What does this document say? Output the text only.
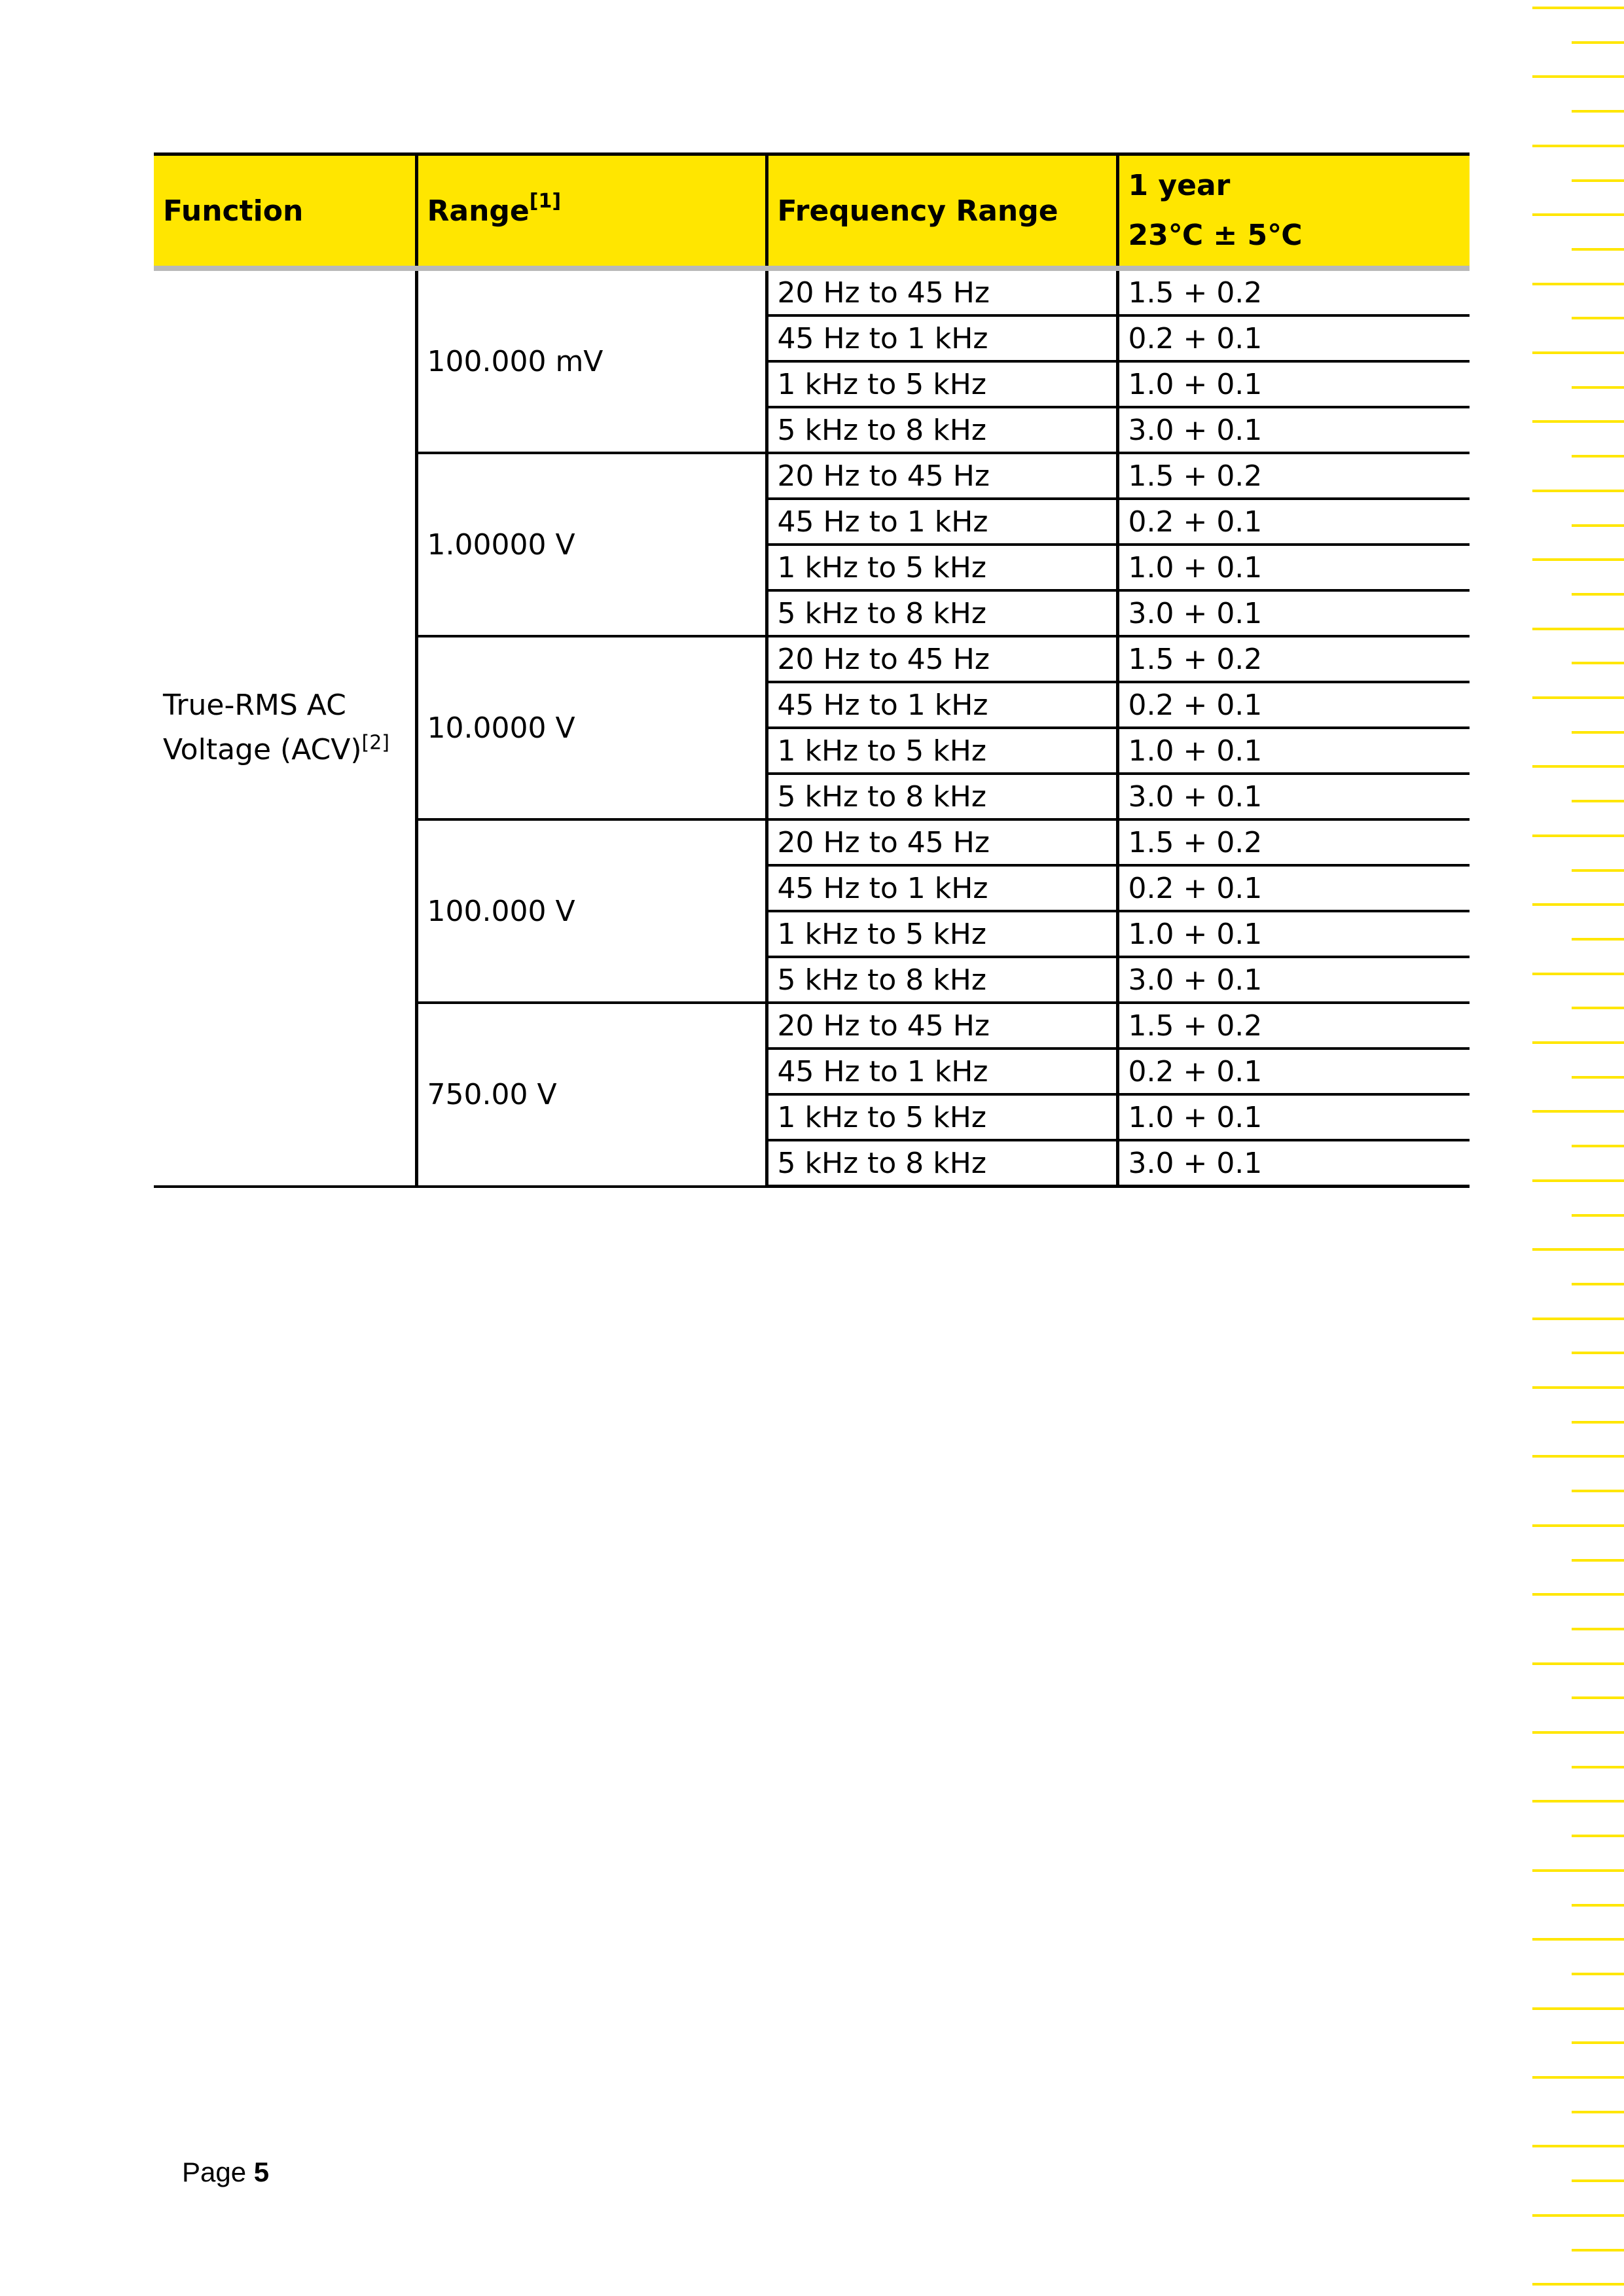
Function	Range[1]	Frequency Range	1 year
23℃ ± 5℃

True-RMS AC Voltage (ACV)[2]	100.000 mV	20 Hz to 45 Hz	1.5 + 0.2
		45 Hz to 1 kHz	0.2 + 0.1
		1 kHz to 5 kHz	1.0 + 0.1
		5 kHz to 8 kHz	3.0 + 0.1
	1.00000 V	20 Hz to 45 Hz	1.5 + 0.2
		45 Hz to 1 kHz	0.2 + 0.1
		1 kHz to 5 kHz	1.0 + 0.1
		5 kHz to 8 kHz	3.0 + 0.1
	10.0000 V	20 Hz to 45 Hz	1.5 + 0.2
		45 Hz to 1 kHz	0.2 + 0.1
		1 kHz to 5 kHz	1.0 + 0.1
		5 kHz to 8 kHz	3.0 + 0.1
	100.000 V	20 Hz to 45 Hz	1.5 + 0.2
		45 Hz to 1 kHz	0.2 + 0.1
		1 kHz to 5 kHz	1.0 + 0.1
		5 kHz to 8 kHz	3.0 + 0.1
	750.00 V	20 Hz to 45 Hz	1.5 + 0.2
		45 Hz to 1 kHz	0.2 + 0.1
		1 kHz to 5 kHz	1.0 + 0.1
		5 kHz to 8 kHz	3.0 + 0.1
Page 5
